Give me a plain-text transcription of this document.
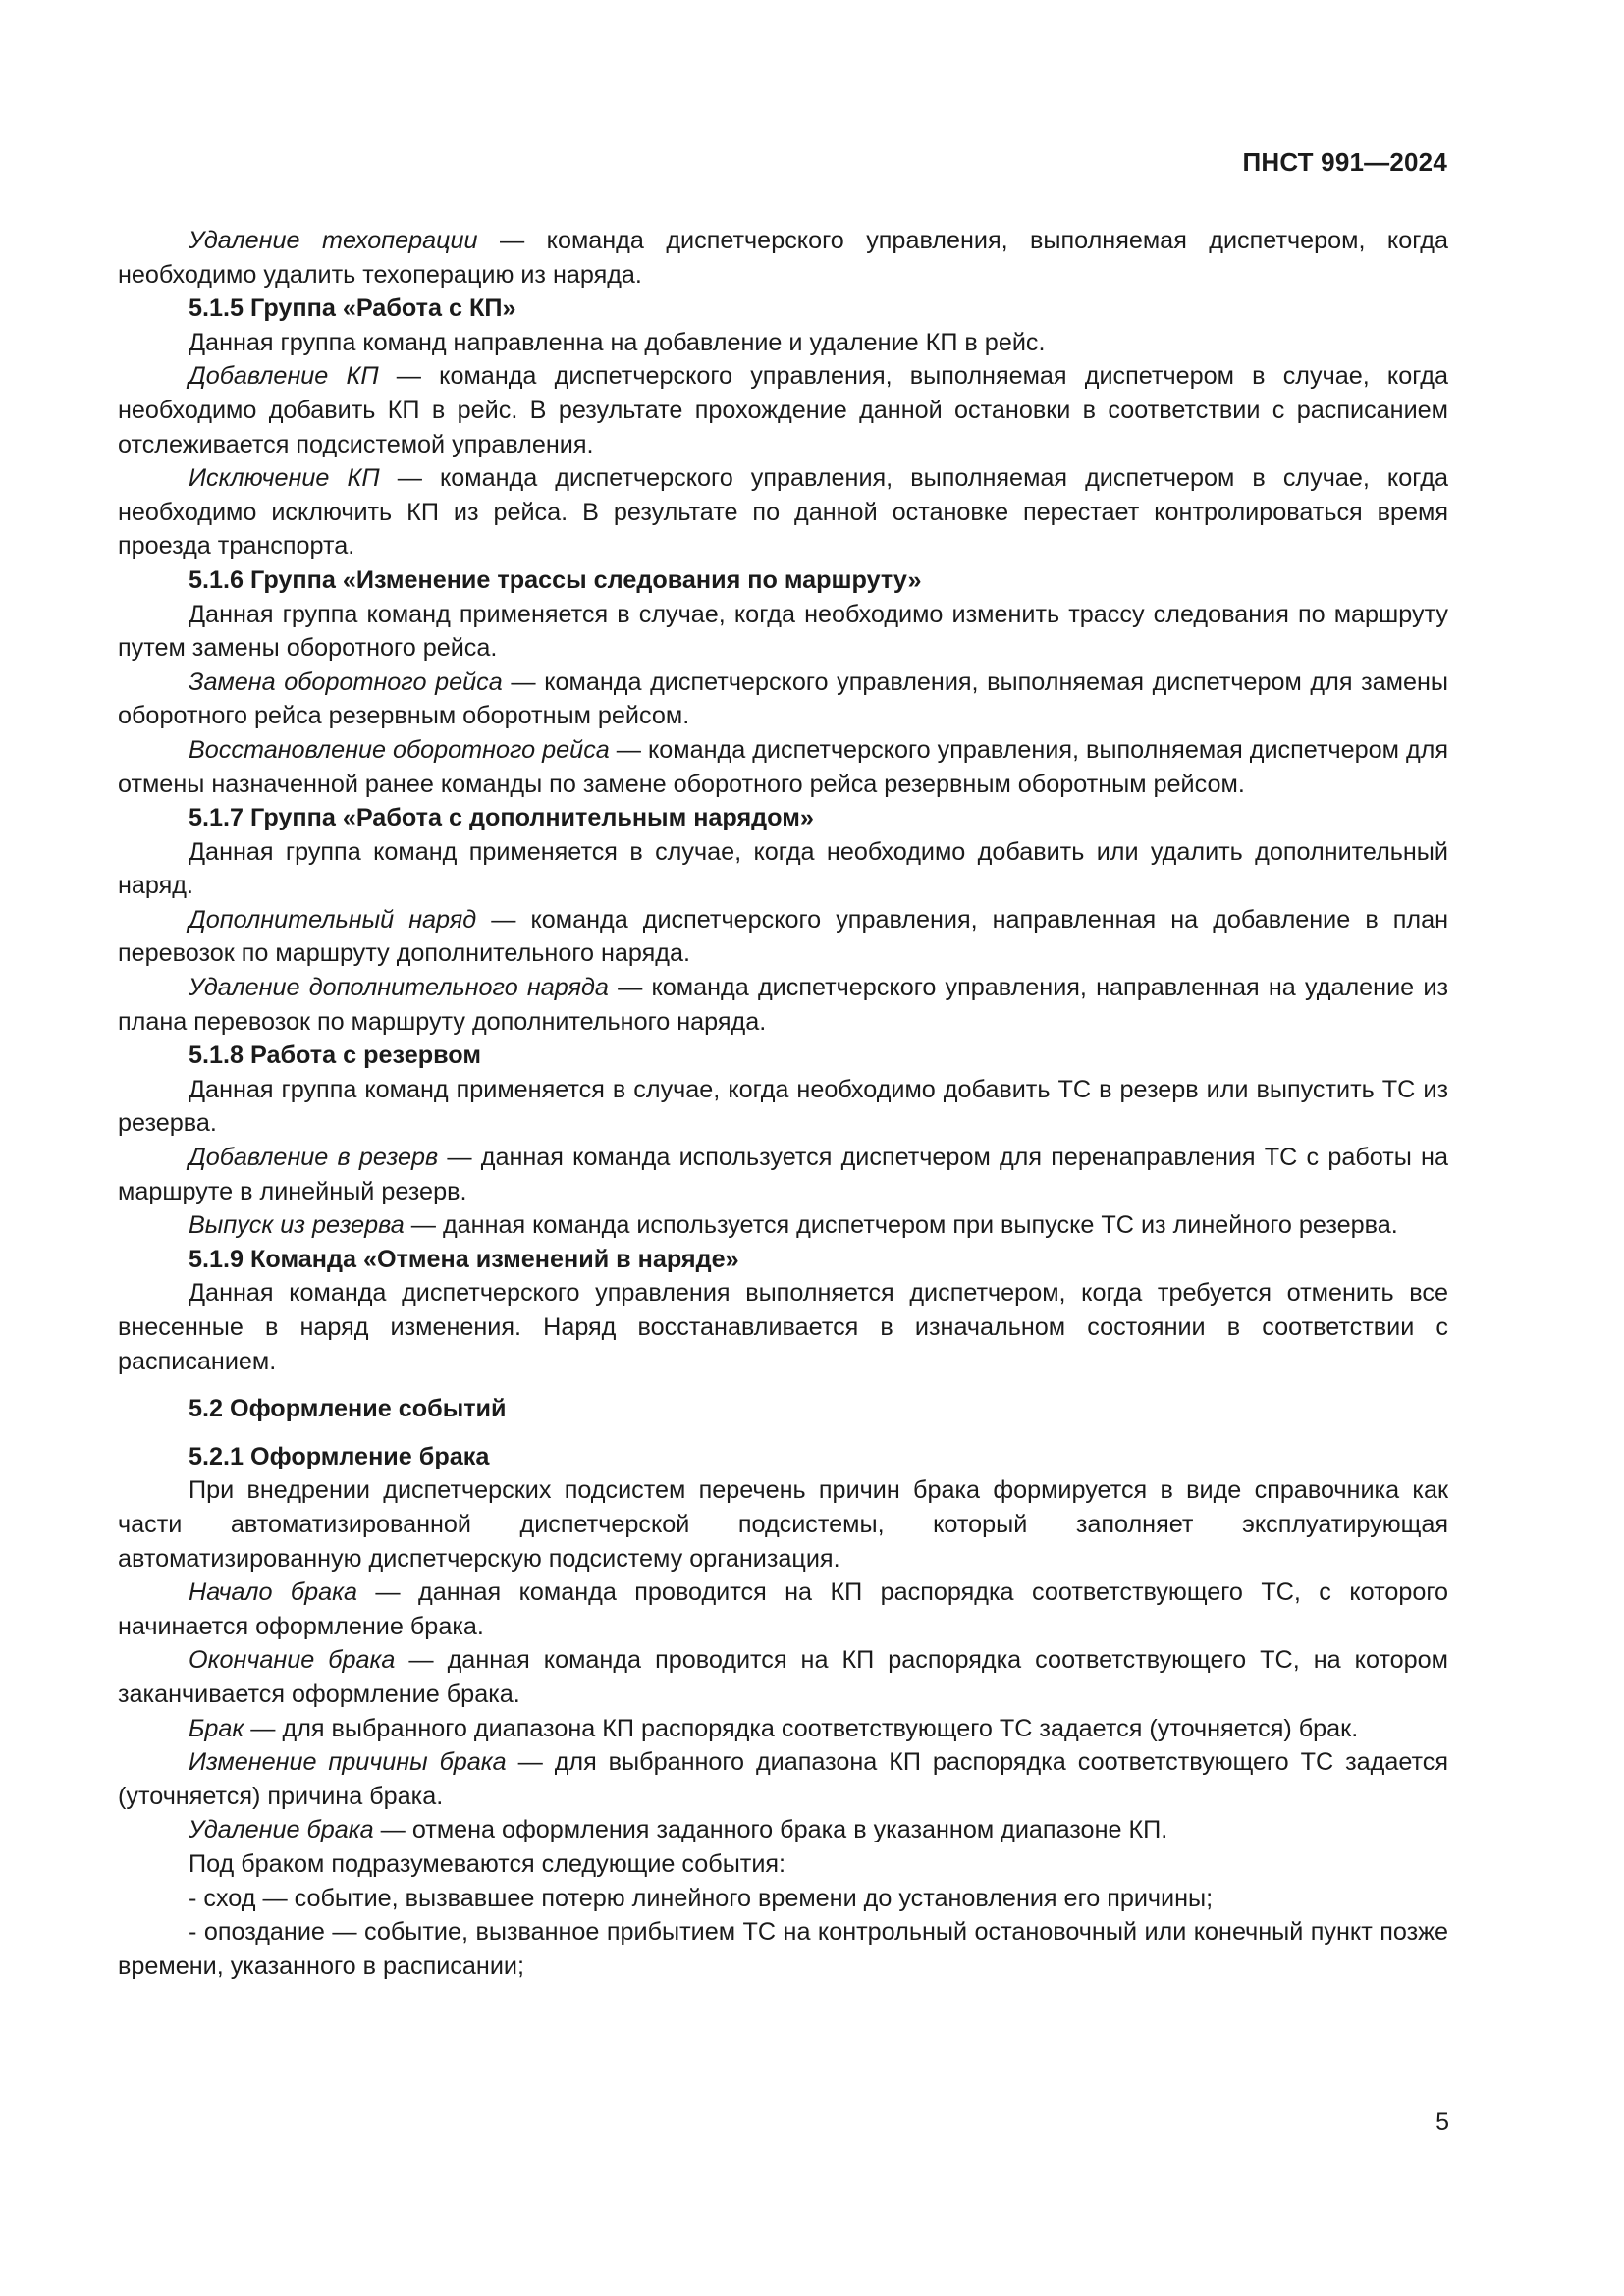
ПНСТ 991—2024

Удаление техоперации — команда диспетчерского управления, выполняемая диспетчером, когда необходимо удалить техоперацию из наряда.

5.1.5 Группа «Работа с КП»

Данная группа команд направленна на добавление и удаление КП в рейс.

Добавление КП — команда диспетчерского управления, выполняемая диспетчером в случае, когда необходимо добавить КП в рейс. В результате прохождение данной остановки в соответствии с расписанием отслеживается подсистемой управления.

Исключение КП — команда диспетчерского управления, выполняемая диспетчером в случае, когда необходимо исключить КП из рейса. В результате по данной остановке перестает контролироваться время проезда транспорта.

5.1.6 Группа «Изменение трассы следования по маршруту»

Данная группа команд применяется в случае, когда необходимо изменить трассу следования по маршруту путем замены оборотного рейса.

Замена оборотного рейса — команда диспетчерского управления, выполняемая диспетчером для замены оборотного рейса резервным оборотным рейсом.

Восстановление оборотного рейса — команда диспетчерского управления, выполняемая диспетчером для отмены назначенной ранее команды по замене оборотного рейса резервным оборотным рейсом.

5.1.7 Группа «Работа с дополнительным нарядом»

Данная группа команд применяется в случае, когда необходимо добавить или удалить дополнительный наряд.

Дополнительный наряд — команда диспетчерского управления, направленная на добавление в план перевозок по маршруту дополнительного наряда.

Удаление дополнительного наряда — команда диспетчерского управления, направленная на удаление из плана перевозок по маршруту дополнительного наряда.

5.1.8 Работа с резервом

Данная группа команд применяется в случае, когда необходимо добавить ТС в резерв или выпустить ТС из резерва.

Добавление в резерв — данная команда используется диспетчером для перенаправления ТС с работы на маршруте в линейный резерв.

Выпуск из резерва — данная команда используется диспетчером при выпуске ТС из линейного резерва.

5.1.9 Команда «Отмена изменений в наряде»

Данная команда диспетчерского управления выполняется диспетчером, когда требуется отменить все внесенные в наряд изменения. Наряд восстанавливается в изначальном состоянии в соответствии с расписанием.

5.2 Оформление событий
5.2.1 Оформление брака

При внедрении диспетчерских подсистем перечень причин брака формируется в виде справочника как части автоматизированной диспетчерской подсистемы, который заполняет эксплуатирующая автоматизированную диспетчерскую подсистему организация.

Начало брака — данная команда проводится на КП распорядка соответствующего ТС, с которого начинается оформление брака.

Окончание брака — данная команда проводится на КП распорядка соответствующего ТС, на котором заканчивается оформление брака.

Брак — для выбранного диапазона КП распорядка соответствующего ТС задается (уточняется) брак.

Изменение причины брака — для выбранного диапазона КП распорядка соответствующего ТС задается (уточняется) причина брака.

Удаление брака — отмена оформления заданного брака в указанном диапазоне КП.

Под браком подразумеваются следующие события:

- сход — событие, вызвавшее потерю линейного времени до установления его причины;

- опоздание — событие, вызванное прибытием ТС на контрольный остановочный или конечный пункт позже времени, указанного в расписании;

5
